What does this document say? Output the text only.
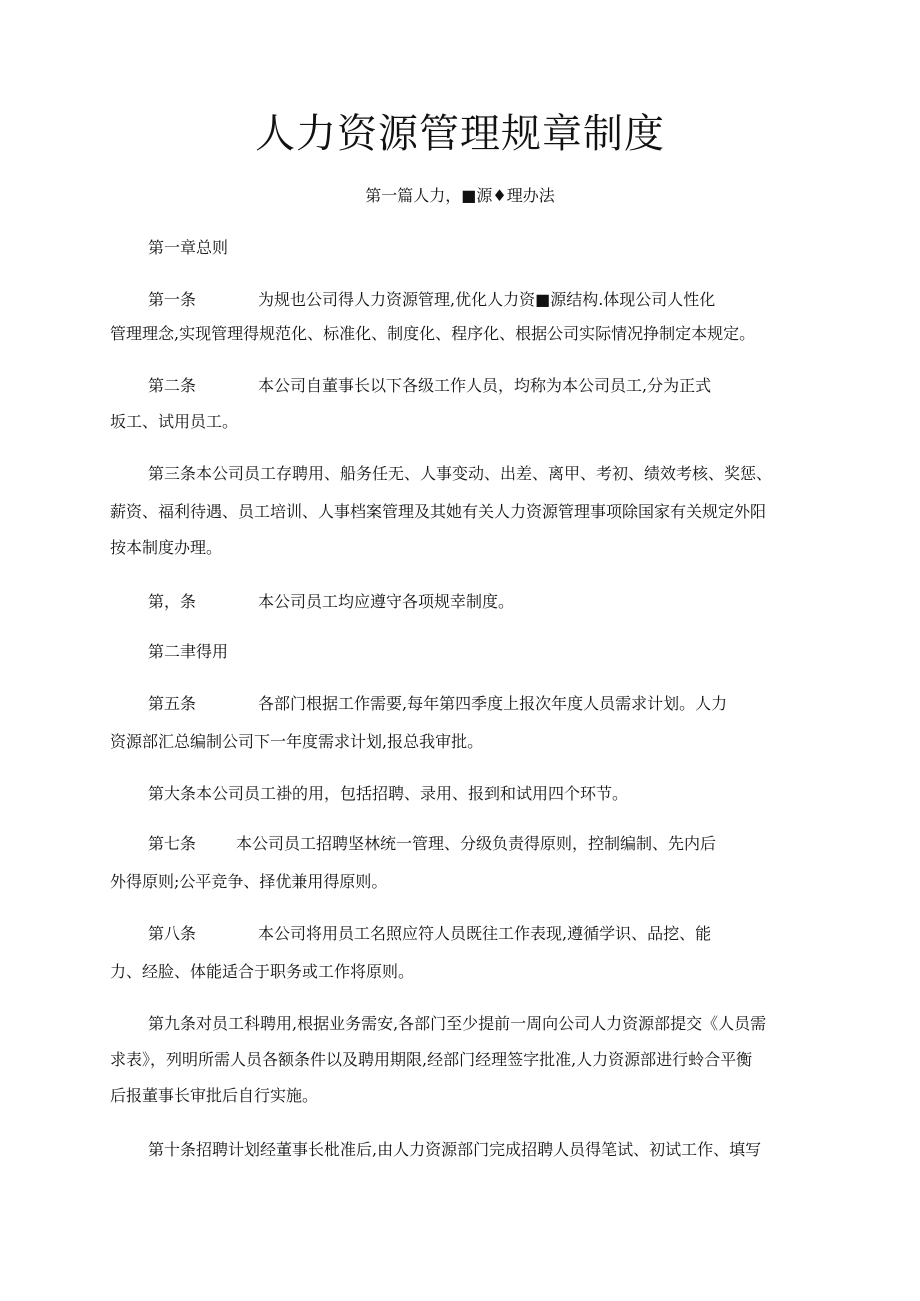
人力资源管理规章制度
第一篇人力，■源♦理办法
第一章总则
第一条	为规也公司得人力资源管理,优化人力资■源结构.体现公司人性化
管理理念,实现管理得规范化、标准化、制度化、程序化、根据公司实际情况挣制定本规定。
第二条	本公司自董事长以下各级工作人员，均称为本公司员工,分为正式
坂工、试用员工。
第三条本公司员工存聘用、船务任无、人事变动、出差、离甲、考初、绩效考核、奖惩、
薪资、福利待遇、员工培训、人事档案管理及其她有关人力资源管理事项除国家有关规定外阳
按本制度办理。
第，条	本公司员工均应遵守各项规幸制度。
第二聿得用
第五条	各部门根据工作需要,每年第四季度上报次年度人员需求计划。人力
资源部汇总编制公司下一年度需求计划,报总我审批。
第大条本公司员工褂的用，包括招聘、录用、报到和试用四个环节。
第七条 本公司员工招聘坚林统一管理、分级负责得原则，控制编制、先内后
外得原则;公平竞争、择优兼用得原则。
第八条	本公司将用员工名照应符人员既往工作表现,遵循学识、品挖、能
力、经脸、体能适合于职务或工作将原则。
第九条对员工科聘用,根据业务需安,各部门至少提前一周向公司人力资源部提交《人员需
求表》，列明所需人员各额条件以及聘用期限,经部门经理签字批准,人力资源部进行蛉合平衡
后报董事长审批后自行实施。
第十条招聘计划经董事长枇准后,由人力资源部门完成招聘人员得笔试、初试工作、填写
